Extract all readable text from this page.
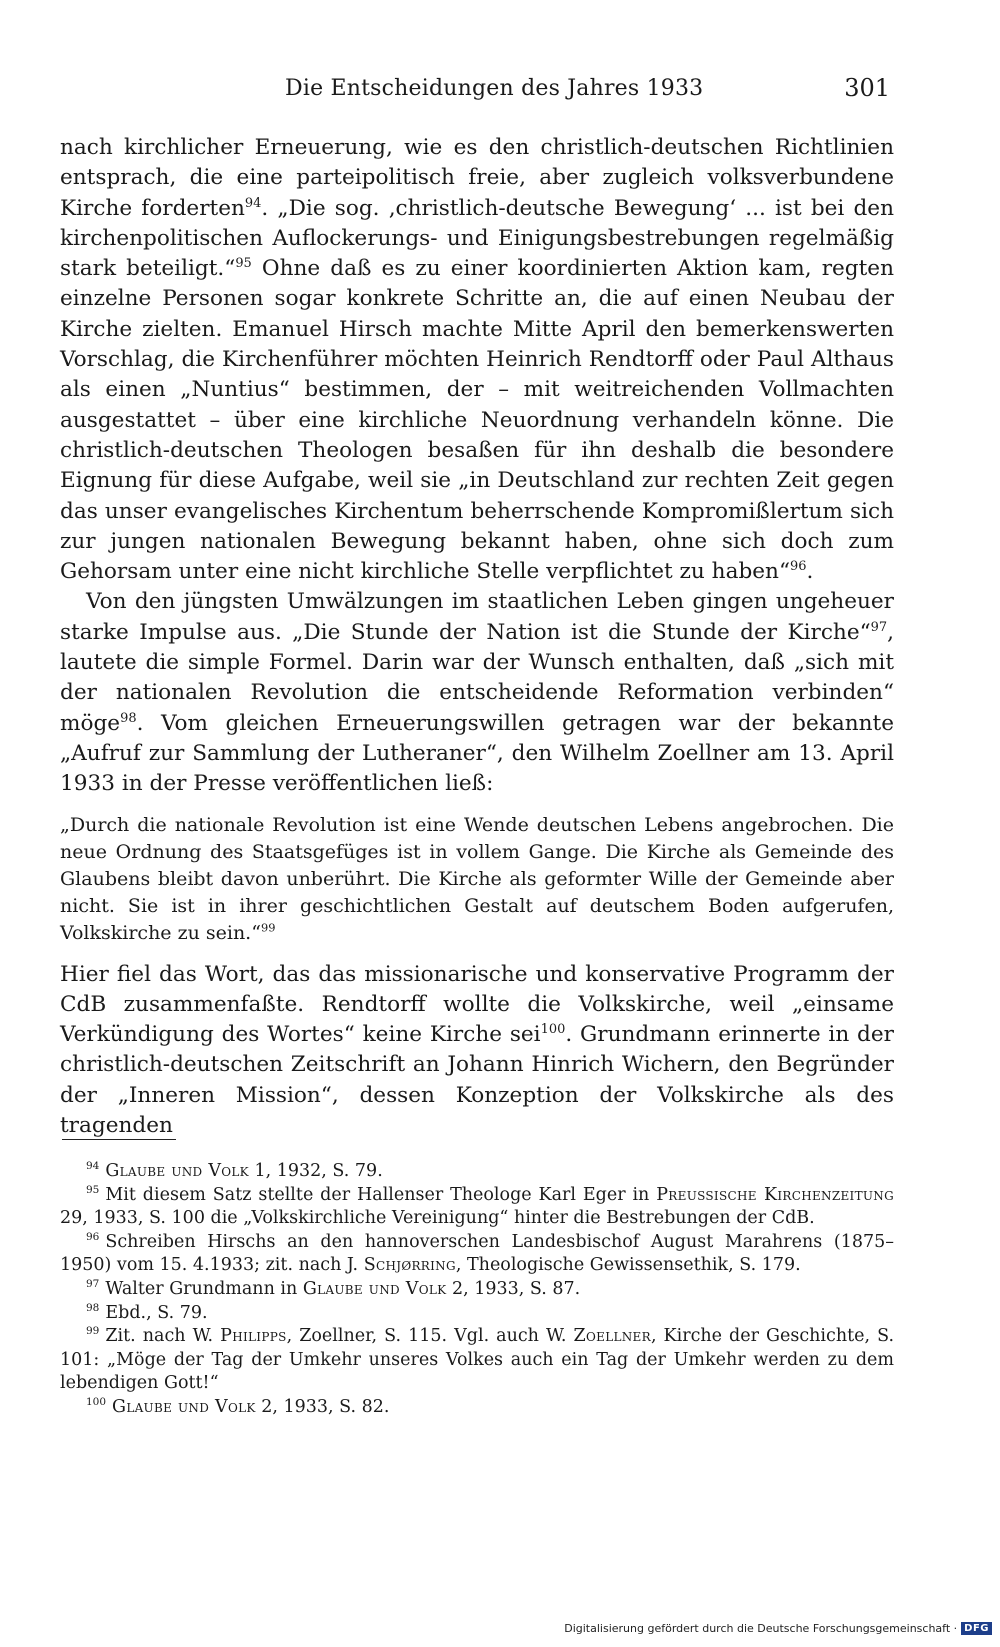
Die Entscheidungen des Jahres 1933	301

nach kirchlicher Erneuerung, wie es den christlich-deutschen Richtlinien entsprach, die eine parteipolitisch freie, aber zugleich volksverbundene Kirche forderten$^{94}$. „Die sog. ‚christlich-deutsche Bewegung‘ ... ist bei den kirchenpolitischen Auflockerungs- und Einigungsbestrebungen regelmäßig stark beteiligt.“$^{95}$ Ohne daß es zu einer koordinierten Aktion kam, regten einzelne Personen sogar konkrete Schritte an, die auf einen Neubau der Kirche zielten. Emanuel Hirsch machte Mitte April den bemerkenswerten Vorschlag, die Kirchenführer möchten Heinrich Rendtorff oder Paul Althaus als einen „Nuntius“ bestimmen, der – mit weitreichenden Vollmachten ausgestattet – über eine kirchliche Neuordnung verhandeln könne. Die christlich-deutschen Theologen besaßen für ihn deshalb die besondere Eignung für diese Aufgabe, weil sie „in Deutschland zur rechten Zeit gegen das unser evangelisches Kirchentum beherrschende Kompromißlertum sich zur jungen nationalen Bewegung bekannt haben, ohne sich doch zum Gehorsam unter eine nicht kirchliche Stelle verpflichtet zu haben“$^{96}$.

Von den jüngsten Umwälzungen im staatlichen Leben gingen ungeheuer starke Impulse aus. „Die Stunde der Nation ist die Stunde der Kirche“$^{97}$, lautete die simple Formel. Darin war der Wunsch enthalten, daß „sich mit der nationalen Revolution die entscheidende Reformation verbinden“ möge$^{98}$. Vom gleichen Erneuerungswillen getragen war der bekannte „Aufruf zur Sammlung der Lutheraner“, den Wilhelm Zoellner am 13. April 1933 in der Presse veröffentlichen ließ:

„Durch die nationale Revolution ist eine Wende deutschen Lebens angebrochen. Die neue Ordnung des Staatsgefüges ist in vollem Gange. Die Kirche als Gemeinde des Glaubens bleibt davon unberührt. Die Kirche als geformter Wille der Gemeinde aber nicht. Sie ist in ihrer geschichtlichen Gestalt auf deutschem Boden aufgerufen, Volkskirche zu sein.“$^{99}$

Hier fiel das Wort, das das missionarische und konservative Programm der CdB zusammenfaßte. Rendtorff wollte die Volkskirche, weil „einsame Verkündigung des Wortes“ keine Kirche sei$^{100}$. Grundmann erinnerte in der christlich-deutschen Zeitschrift an Johann Hinrich Wichern, den Begründer der „Inneren Mission“, dessen Konzeption der Volkskirche als des tragenden

$^{94}$ Glaube und Volk 1, 1932, S. 79.

$^{95}$ Mit diesem Satz stellte der Hallenser Theologe Karl Eger in Preussische Kirchenzeitung 29, 1933, S. 100 die „Volkskirchliche Vereinigung“ hinter die Bestrebungen der CdB.

$^{96}$ Schreiben Hirschs an den hannoverschen Landesbischof August Marahrens (1875–1950) vom 15. 4.1933; zit. nach J. Schjørring, Theologische Gewissensethik, S. 179.

$^{97}$ Walter Grundmann in Glaube und Volk 2, 1933, S. 87.

$^{98}$ Ebd., S. 79.

$^{99}$ Zit. nach W. Philipps, Zoellner, S. 115. Vgl. auch W. Zoellner, Kirche der Geschichte, S. 101: „Möge der Tag der Umkehr unseres Volkes auch ein Tag der Umkehr werden zu dem lebendigen Gott!“

$^{100}$ Glaube und Volk 2, 1933, S. 82.

Digitalisierung gefördert durch die Deutsche Forschungsgemeinschaft · DFG
